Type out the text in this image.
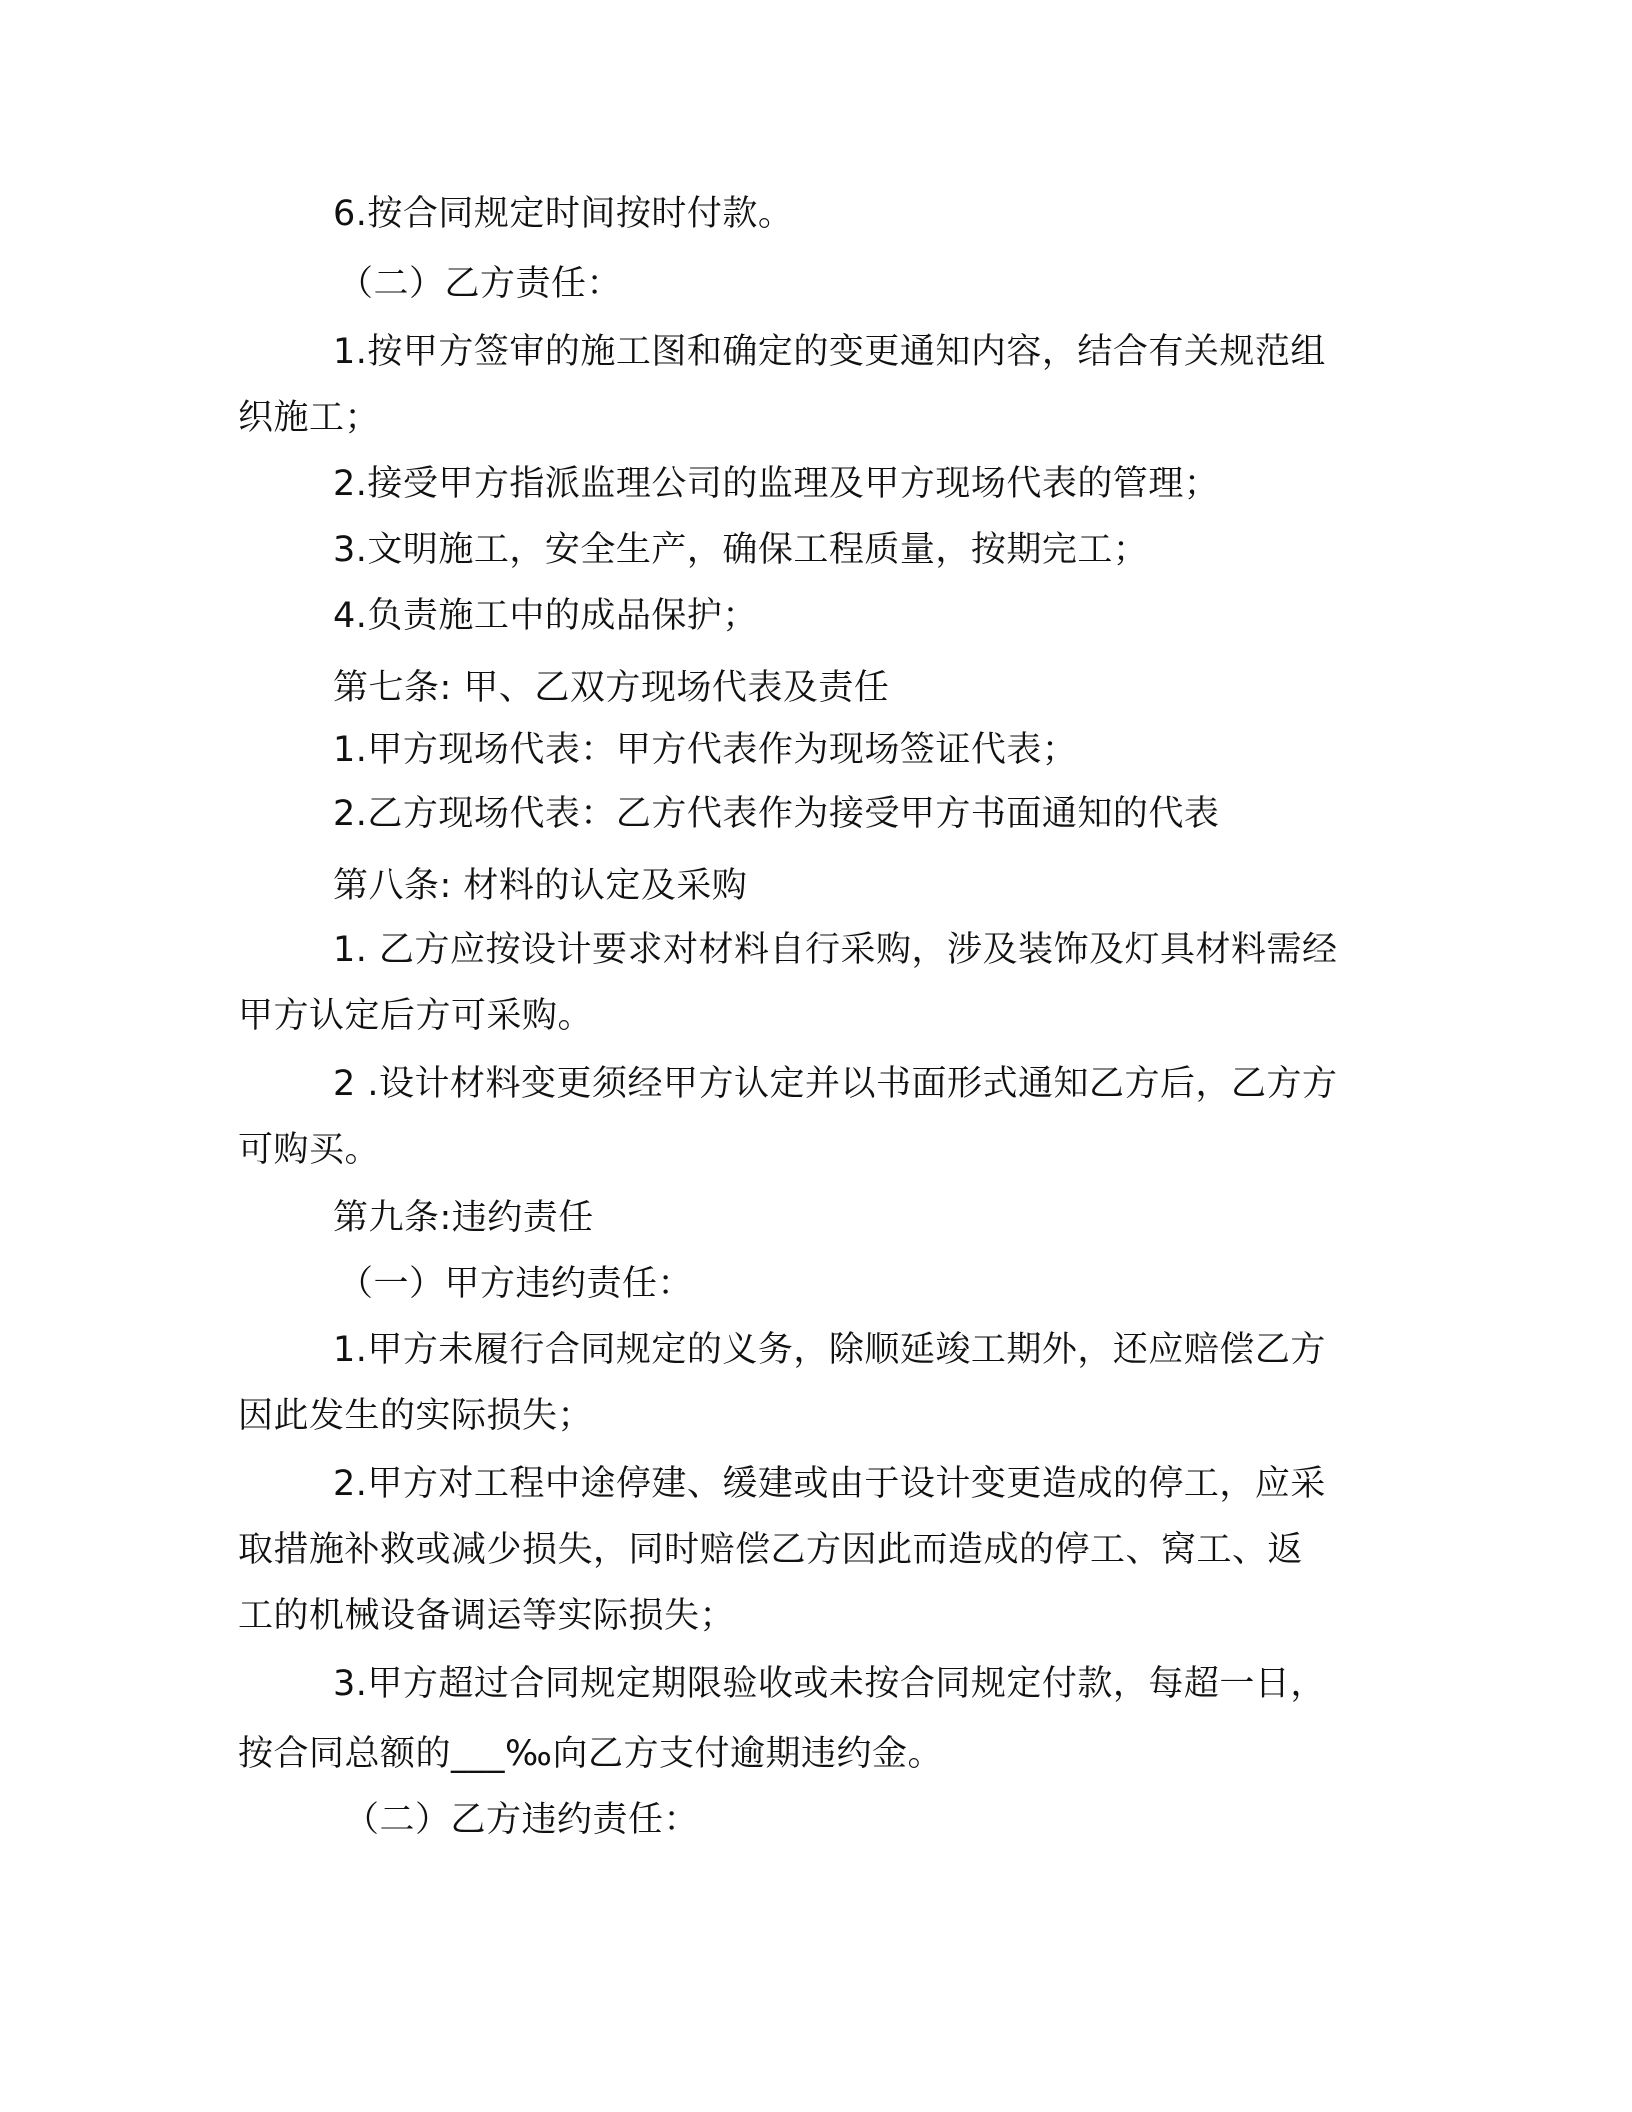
6.按合同规定时间按时付款。
（二）乙方责任：
1.按甲方签审的施工图和确定的变更通知内容，结合有关规范组
织施工；
2.接受甲方指派监理公司的监理及甲方现场代表的管理；
3.文明施工，安全生产，确保工程质量，按期完工；
4.负责施工中的成品保护；
第七条: 甲、乙双方现场代表及责任
1.甲方现场代表：甲方代表作为现场签证代表；
2.乙方现场代表：乙方代表作为接受甲方书面通知的代表
第八条: 材料的认定及采购
1. 乙方应按设计要求对材料自行采购，涉及装饰及灯具材料需经
甲方认定后方可采购。
2 .设计材料变更须经甲方认定并以书面形式通知乙方后，乙方方
可购买。
第九条:违约责任
（一）甲方违约责任：
1.甲方未履行合同规定的义务，除顺延竣工期外，还应赔偿乙方
因此发生的实际损失；
2.甲方对工程中途停建、缓建或由于设计变更造成的停工，应采
取措施补救或减少损失，同时赔偿乙方因此而造成的停工、窝工、返
工的机械设备调运等实际损失；
3.甲方超过合同规定期限验收或未按合同规定付款，每超一日，
按合同总额的___‰向乙方支付逾期违约金。
（二）乙方违约责任：
